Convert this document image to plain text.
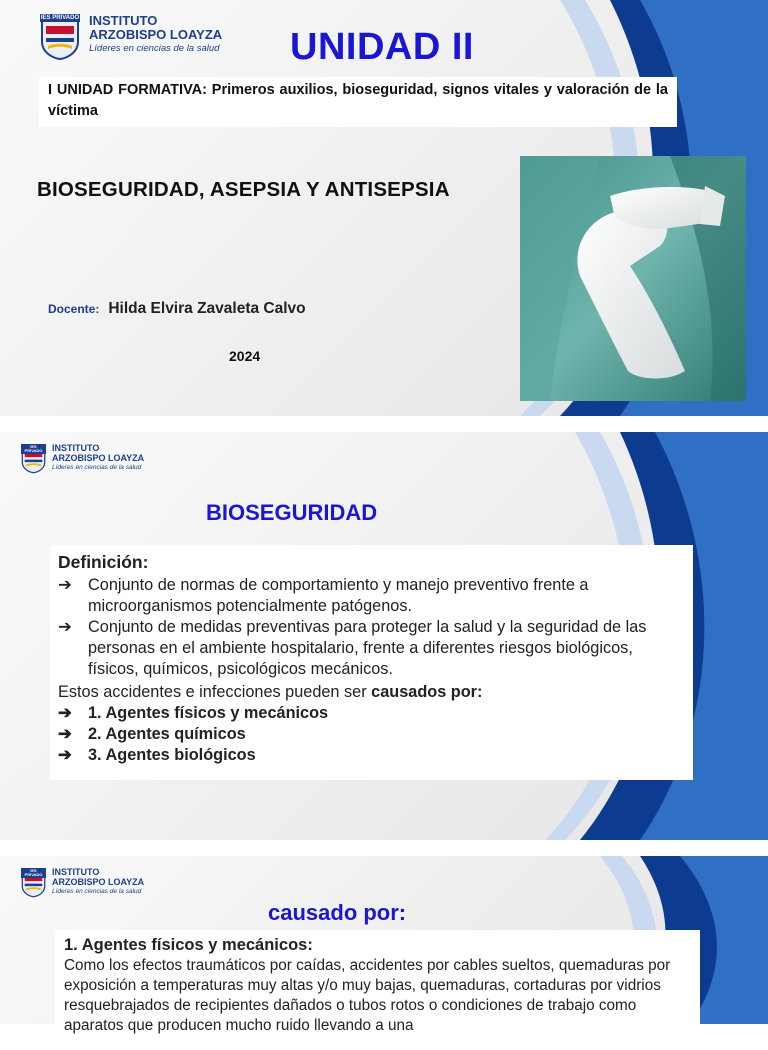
IES PRIVADO INSTITUTO
ARZOBISPO LOAYZA
Líderes en ciencias de la salud UNIDAD II
I UNIDAD FORMATIVA: Primeros auxilios, bioseguridad, signos vitales y valoración de la víctima
BIOSEGURIDAD, ASEPSIA Y ANTISEPSIA
Docente: Hilda Elvira Zavaleta Calvo
2024
IES PRIVADO	INSTITUTO
ARZOBISPO LOAYZA
Líderes en ciencias de la salud
BIOSEGURIDAD
Definición:
➔	Conjunto de normas de comportamiento y manejo preventivo frente a microorganismos potencialmente patógenos.
➔	Conjunto de medidas preventivas para proteger la salud y la seguridad de las personas en el ambiente hospitalario, frente a diferentes riesgos biológicos, físicos, químicos, psicológicos mecánicos.
Estos accidentes e infecciones pueden ser causados por:
➔	1. Agentes físicos y mecánicos
➔	2. Agentes químicos
➔	3. Agentes biológicos
IES PRIVADO	INSTITUTO
ARZOBISPO LOAYZA
Líderes en ciencias de la salud
causado por:
1. Agentes físicos y mecánicos:
Como los efectos traumáticos por caídas, accidentes por cables sueltos, quemaduras por exposición a temperaturas muy altas y/o muy bajas, quemaduras, cortaduras por vidrios resquebrajados de recipientes dañados o tubos rotos o condiciones de trabajo como aparatos que producen mucho ruido llevando a una
